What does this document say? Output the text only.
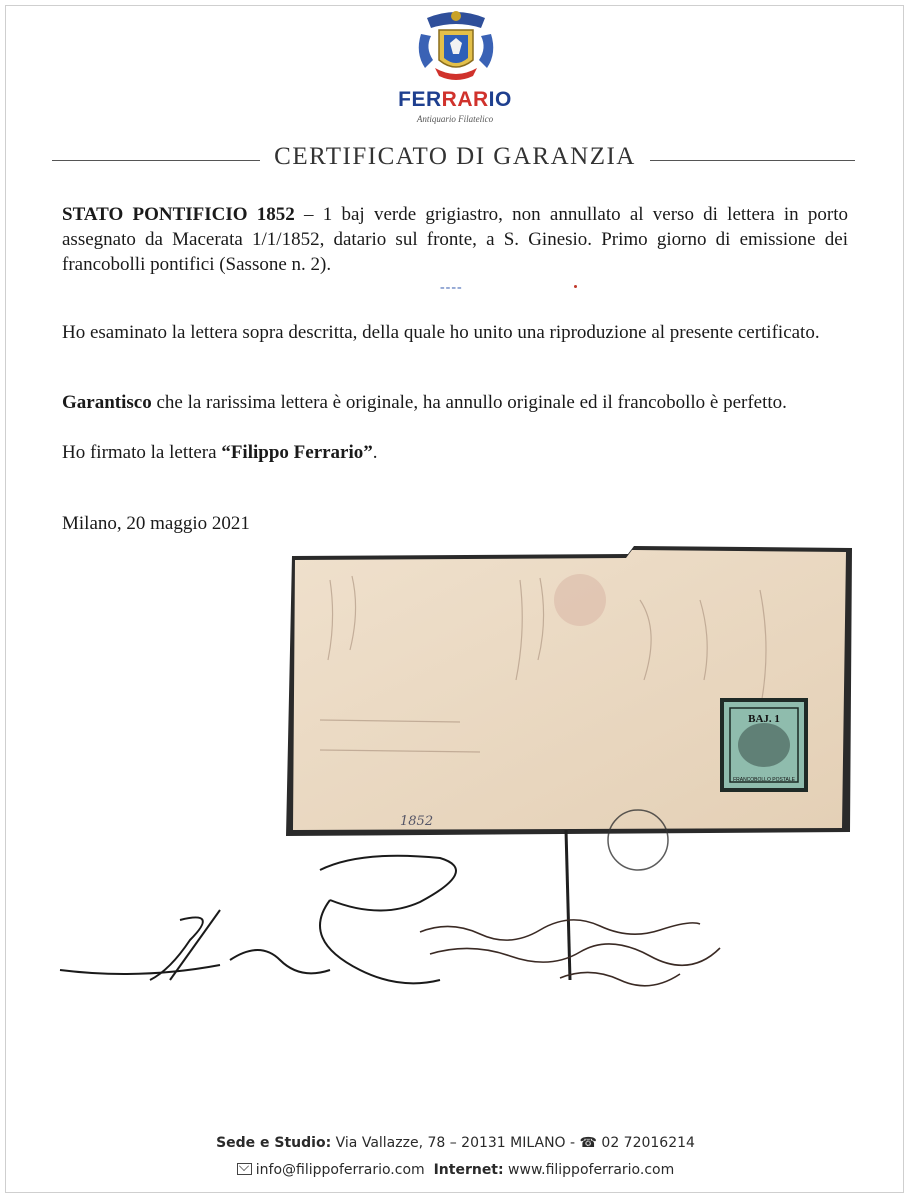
FERRARIO
Antiquario Filatelico
CERTIFICATO DI GARANZIA

STATO PONTIFICIO 1852 – 1 baj verde grigiastro, non annullato al verso di lettera in porto assegnato da Macerata 1/1/1852, datario sul fronte, a S. Ginesio. Primo giorno di emissione dei francobolli pontifici (Sassone n. 2).

----

Ho esaminato la lettera sopra descritta, della quale ho unito una riproduzione al presente certificato.

Garantisco che la rarissima lettera è originale, ha annullo originale ed il francobollo è perfetto.

Ho firmato la lettera “Filippo Ferrario”.

Milano, 20 maggio 2021

BAJ. 1
FRANCOBOLLO POSTALE
1852
Sede e Studio: Via Vallazze, 78 – 20131 MILANO - ☎ 02 72016214
info@filippoferrario.com Internet: www.filippoferrario.com
